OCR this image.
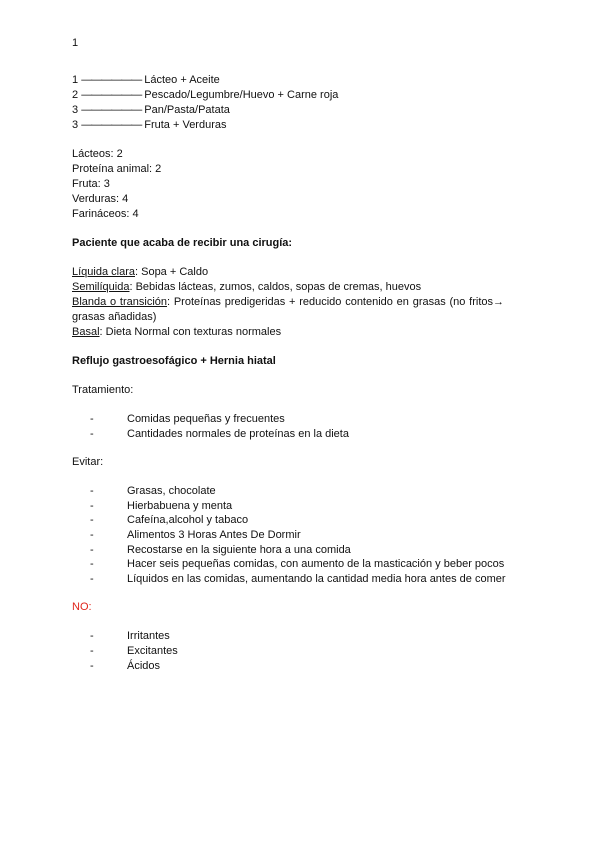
1
1 —————— Lácteo + Aceite
2 —————— Pescado/Legumbre/Huevo + Carne roja
3 —————— Pan/Pasta/Patata
3 —————— Fruta + Verduras
Lácteos: 2
Proteína animal: 2
Fruta: 3
Verduras: 4
Farináceos: 4
Paciente que acaba de recibir una cirugía:
Líquida clara: Sopa + Caldo
Semilíquida: Bebidas lácteas, zumos, caldos, sopas de cremas, huevos
Blanda o transición: Proteínas predigeridas + reducido contenido en grasas (no fritos→ grasas añadidas)
Basal: Dieta Normal con texturas normales
Reflujo gastroesofágico + Hernia hiatal
Tratamiento:
-	Comidas pequeñas y frecuentes
-	Cantidades normales de proteínas en la dieta
Evitar:
-	Grasas, chocolate
-	Hierbabuena y menta
-	Cafeína,alcohol y tabaco
-	Alimentos 3 Horas Antes De Dormir
-	Recostarse en la siguiente hora a una comida
-	Hacer seis pequeñas comidas, con aumento de la masticación y beber pocos
-	Líquidos en las comidas, aumentando la cantidad media hora antes de comer
NO:
-	Irritantes
-	Excitantes
-	Ácidos
